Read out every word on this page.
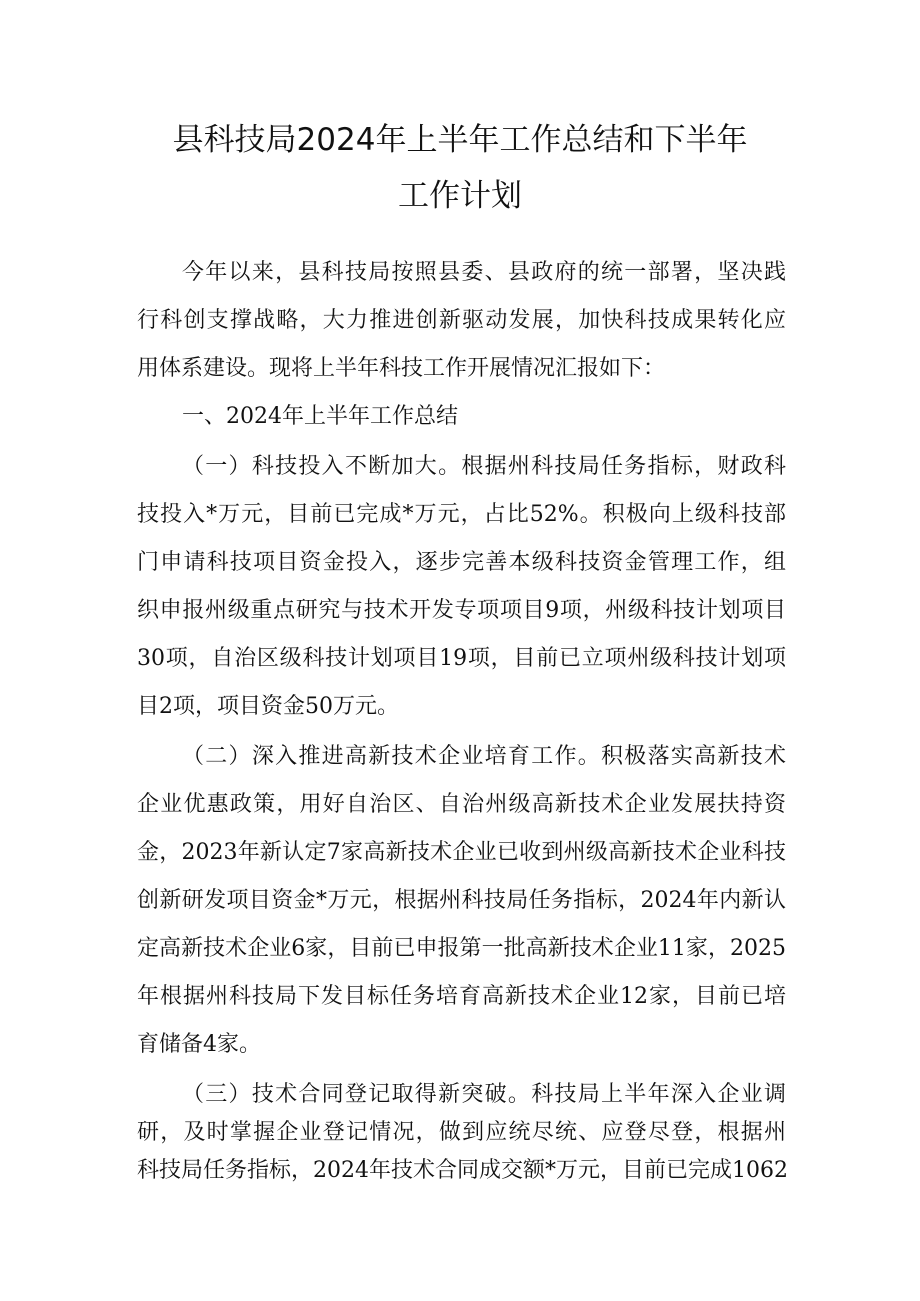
县科技局2024年上半年工作总结和下半年
工作计划
今年以来，县科技局按照县委、县政府的统一部署，坚决践
行科创支撑战略，大力推进创新驱动发展，加快科技成果转化应
用体系建设。现将上半年科技工作开展情况汇报如下：
一、2024年上半年工作总结
（一）科技投入不断加大。根据州科技局任务指标，财政科
技投入*万元，目前已完成*万元，占比52%。积极向上级科技部
门申请科技项目资金投入，逐步完善本级科技资金管理工作，组
织申报州级重点研究与技术开发专项项目9项，州级科技计划项目
30项，自治区级科技计划项目19项，目前已立项州级科技计划项
目2项，项目资金50万元。
（二）深入推进高新技术企业培育工作。积极落实高新技术
企业优惠政策，用好自治区、自治州级高新技术企业发展扶持资
金，2023年新认定7家高新技术企业已收到州级高新技术企业科技
创新研发项目资金*万元，根据州科技局任务指标，2024年内新认
定高新技术企业6家，目前已申报第一批高新技术企业11家，2025
年根据州科技局下发目标任务培育高新技术企业12家，目前已培
育储备4家。
（三）技术合同登记取得新突破。科技局上半年深入企业调
研，及时掌握企业登记情况，做到应统尽统、应登尽登，根据州
科技局任务指标，2024年技术合同成交额*万元，目前已完成1062
